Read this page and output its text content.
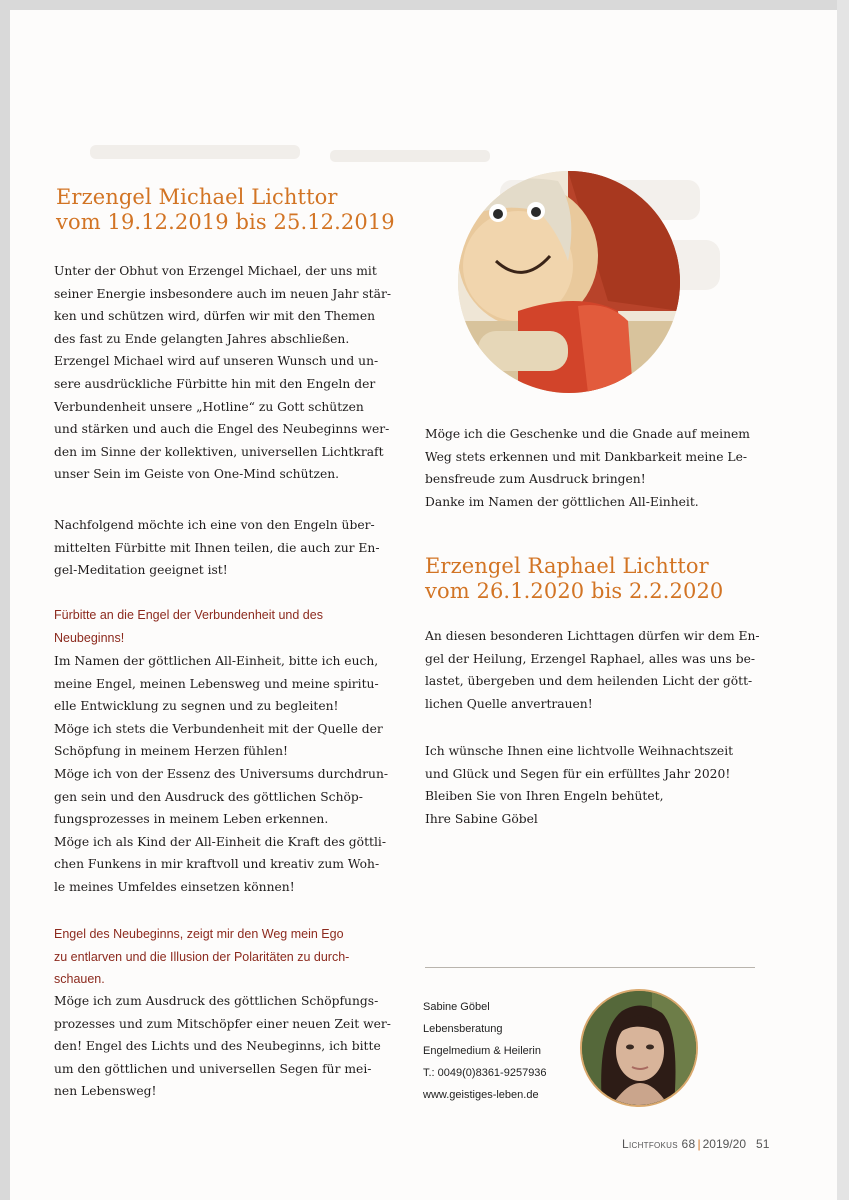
Erzengel Michael Lichttor
vom 19.12.2019 bis 25.12.2019

Unter der Obhut von Erzengel Michael, der uns mit
seiner Energie insbesondere auch im neuen Jahr stär-
ken und schützen wird, dürfen wir mit den Themen
des fast zu Ende gelangten Jahres abschließen.
Erzengel Michael wird auf unseren Wunsch und un-
sere ausdrückliche Fürbitte hin mit den Engeln der
Verbundenheit unsere „Hotline“ zu Gott schützen
und stärken und auch die Engel des Neubeginns wer-
den im Sinne der kollektiven, universellen Lichtkraft
unser Sein im Geiste von One-Mind schützen.

Nachfolgend möchte ich eine von den Engeln über-
mittelten Fürbitte mit Ihnen teilen, die auch zur En-
gel-Meditation geeignet ist!

Fürbitte an die Engel der Verbundenheit und des
Neubeginns!

Im Namen der göttlichen All-Einheit, bitte ich euch,
meine Engel, meinen Lebensweg und meine spiritu-
elle Entwicklung zu segnen und zu begleiten!
Möge ich stets die Verbundenheit mit der Quelle der
Schöpfung in meinem Herzen fühlen!
Möge ich von der Essenz des Universums durchdrun-
gen sein und den Ausdruck des göttlichen Schöp-
fungsprozesses in meinem Leben erkennen.
Möge ich als Kind der All-Einheit die Kraft des göttli-
chen Funkens in mir kraftvoll und kreativ zum Woh-
le meines Umfeldes einsetzen können!

Engel des Neubeginns, zeigt mir den Weg mein Ego
zu entlarven und die Illusion der Polaritäten zu durch-
schauen.

Möge ich zum Ausdruck des göttlichen Schöpfungs-
prozesses und zum Mitschöpfer einer neuen Zeit wer-
den! Engel des Lichts und des Neubeginns, ich bitte
um den göttlichen und universellen Segen für mei-
nen Lebensweg!

Möge ich die Geschenke und die Gnade auf meinem
Weg stets erkennen und mit Dankbarkeit meine Le-
bensfreude zum Ausdruck bringen!
Danke im Namen der göttlichen All-Einheit.

Erzengel Raphael Lichttor
vom 26.1.2020 bis 2.2.2020

An diesen besonderen Lichttagen dürfen wir dem En-
gel der Heilung, Erzengel Raphael, alles was uns be-
lastet, übergeben und dem heilenden Licht der gött-
lichen Quelle anvertrauen!

Ich wünsche Ihnen eine lichtvolle Weihnachtszeit
und Glück und Segen für ein erfülltes Jahr 2020!
Bleiben Sie von Ihren Engeln behütet,
Ihre Sabine Göbel

Sabine Göbel
Lebensberatung
Engelmedium & Heilerin
T.: 0049(0)8361-9257936
www.geistiges-leben.de

Lichtfokus 68 | 2019/20 51
